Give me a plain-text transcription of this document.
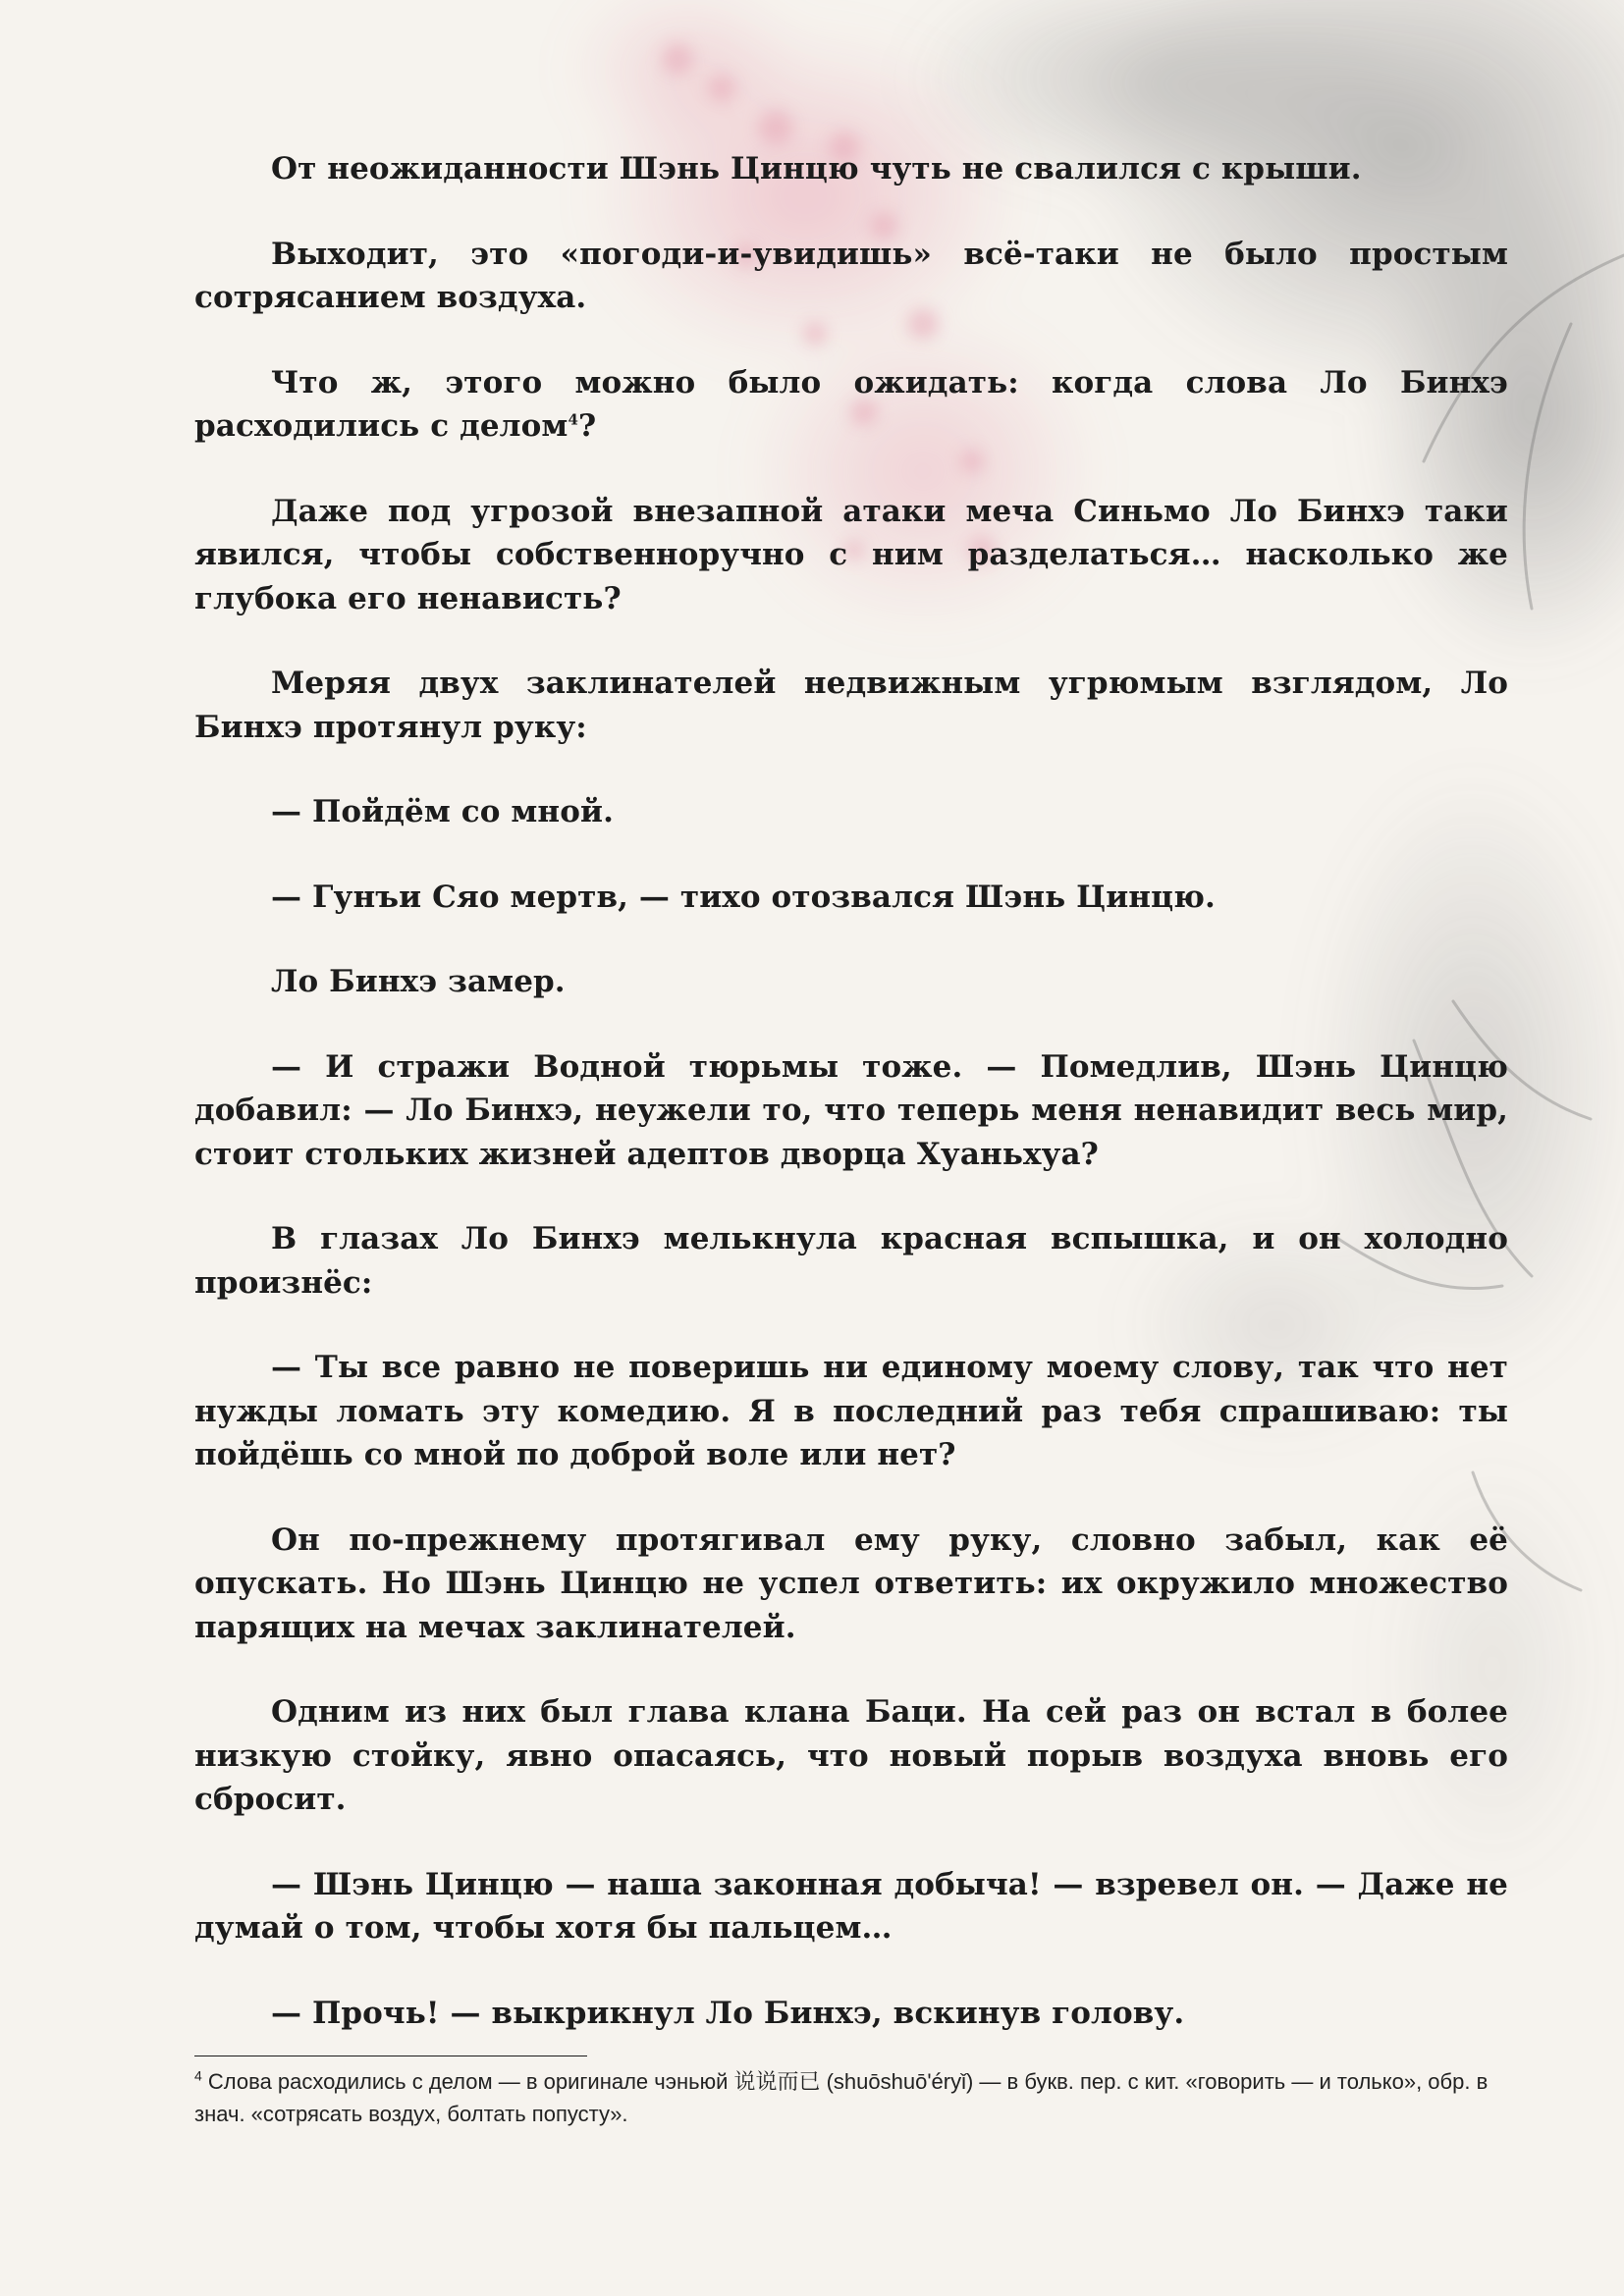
От неожиданности Шэнь Цинцю чуть не свалился с крыши.

Выходит, это «погоди-и-увидишь» всё-таки не было простым сотрясанием воздуха.

Что ж, этого можно было ожидать: когда слова Ло Бинхэ расходились с делом$^4$?

Даже под угрозой внезапной атаки меча Синьмо Ло Бинхэ таки явился, чтобы собственноручно с ним разделаться… насколько же глубока его ненависть?

Меряя двух заклинателей недвижным угрюмым взглядом, Ло Бинхэ протянул руку:

— Пойдём со мной.

— Гунъи Сяо мертв, — тихо отозвался Шэнь Цинцю.

Ло Бинхэ замер.

— И стражи Водной тюрьмы тоже. — Помедлив, Шэнь Цинцю добавил: — Ло Бинхэ, неужели то, что теперь меня ненавидит весь мир, стоит стольких жизней адептов дворца Хуаньхуа?

В глазах Ло Бинхэ мелькнула красная вспышка, и он холодно произнёс:

— Ты все равно не поверишь ни единому моему слову, так что нет нужды ломать эту комедию. Я в последний раз тебя спрашиваю: ты пойдёшь со мной по доброй воле или нет?

Он по-прежнему протягивал ему руку, словно забыл, как её опускать. Но Шэнь Цинцю не успел ответить: их окружило множество парящих на мечах заклинателей.

Одним из них был глава клана Баци. На сей раз он встал в более низкую стойку, явно опасаясь, что новый порыв воздуха вновь его сбросит.

— Шэнь Цинцю — наша законная добыча! — взревел он. — Даже не думай о том, чтобы хотя бы пальцем…

— Прочь! — выкрикнул Ло Бинхэ, вскинув голову.

$^4$ Слова расходились с делом — в оригинале чэньюй 说说而已 (shuōshuō'éryǐ) — в букв. пер. с кит. «говорить — и только», обр. в знач. «сотрясать воздух, болтать попусту».
